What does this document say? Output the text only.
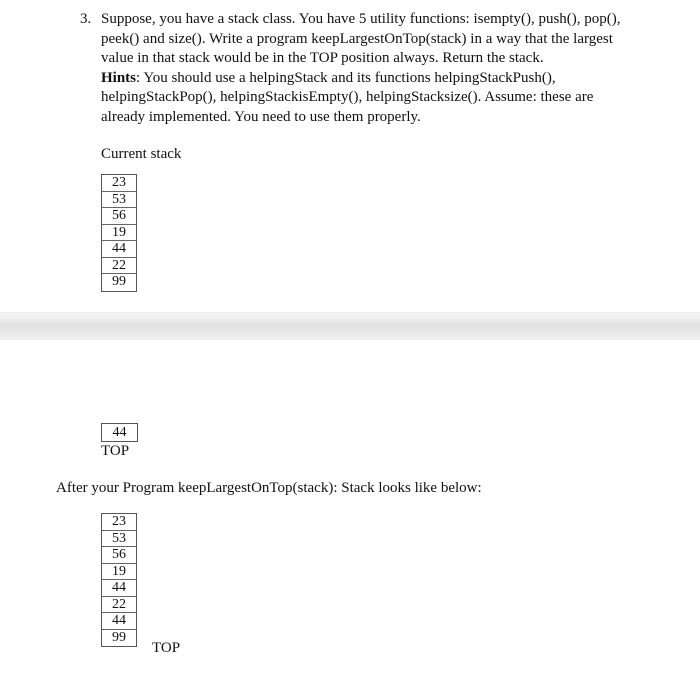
3. Suppose, you have a stack class. You have 5 utility functions: isempty(), push(), pop(),
peek() and size(). Write a program keepLargestOnTop(stack) in a way that the largest
value in that stack would be in the TOP position always. Return the stack.
Hints: You should use a helpingStack and its functions helpingStackPush(),
helpingStackPop(), helpingStackisEmpty(), helpingStacksize(). Assume: these are
already implemented. You need to use them properly.
Current stack
23
53
56
19
44
22
99
44
TOP
After your Program keepLargestOnTop(stack): Stack looks like below:
23
53
56
19
44
22
44
99
TOP
